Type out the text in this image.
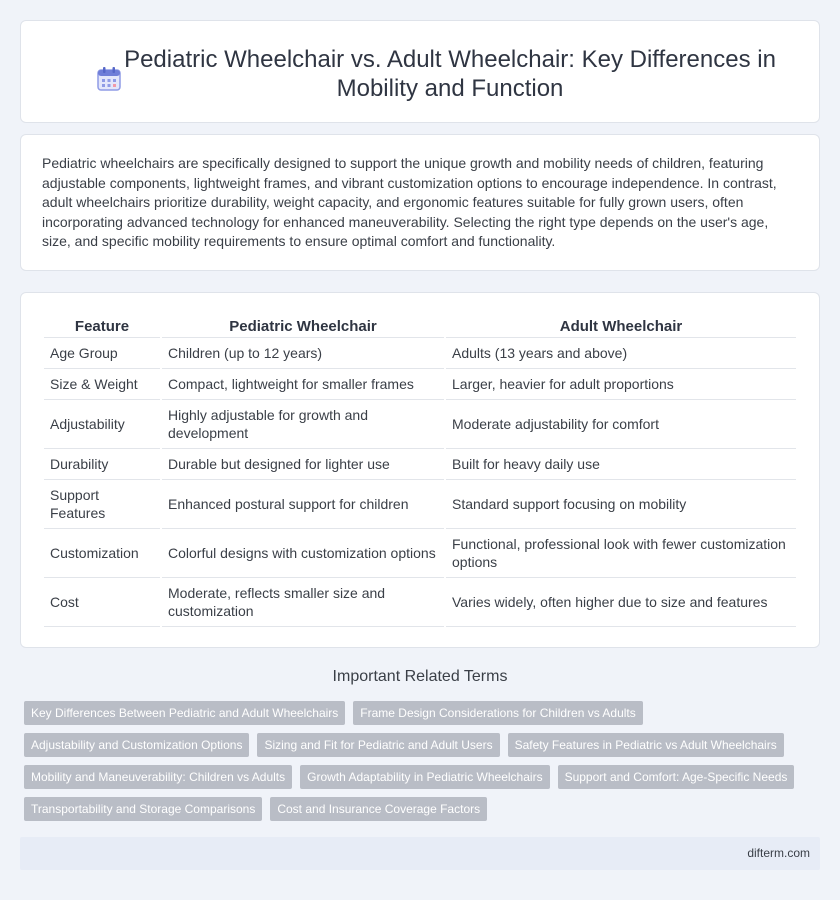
Pediatric Wheelchair vs. Adult Wheelchair: Key Differences in Mobility and Function

Pediatric wheelchairs are specifically designed to support the unique growth and mobility needs of children, featuring adjustable components, lightweight frames, and vibrant customization options to encourage independence. In contrast, adult wheelchairs prioritize durability, weight capacity, and ergonomic features suitable for fully grown users, often incorporating advanced technology for enhanced maneuverability. Selecting the right type depends on the user's age, size, and specific mobility requirements to ensure optimal comfort and functionality.

Feature	Pediatric Wheelchair	Adult Wheelchair
Age Group	Children (up to 12 years)	Adults (13 years and above)
Size & Weight	Compact, lightweight for smaller frames	Larger, heavier for adult proportions
Adjustability	Highly adjustable for growth and development	Moderate adjustability for comfort
Durability	Durable but designed for lighter use	Built for heavy daily use
Support Features	Enhanced postural support for children	Standard support focusing on mobility
Customization	Colorful designs with customization options	Functional, professional look with fewer customization options
Cost	Moderate, reflects smaller size and customization	Varies widely, often higher due to size and features
Important Related Terms
Key Differences Between Pediatric and Adult Wheelchairs	Frame Design Considerations for Children vs Adults
Adjustability and Customization Options	Sizing and Fit for Pediatric and Adult Users	Safety Features in Pediatric vs Adult Wheelchairs
Mobility and Maneuverability: Children vs Adults	Growth Adaptability in Pediatric Wheelchairs	Support and Comfort: Age-Specific Needs
Transportability and Storage Comparisons	Cost and Insurance Coverage Factors
difterm.com
